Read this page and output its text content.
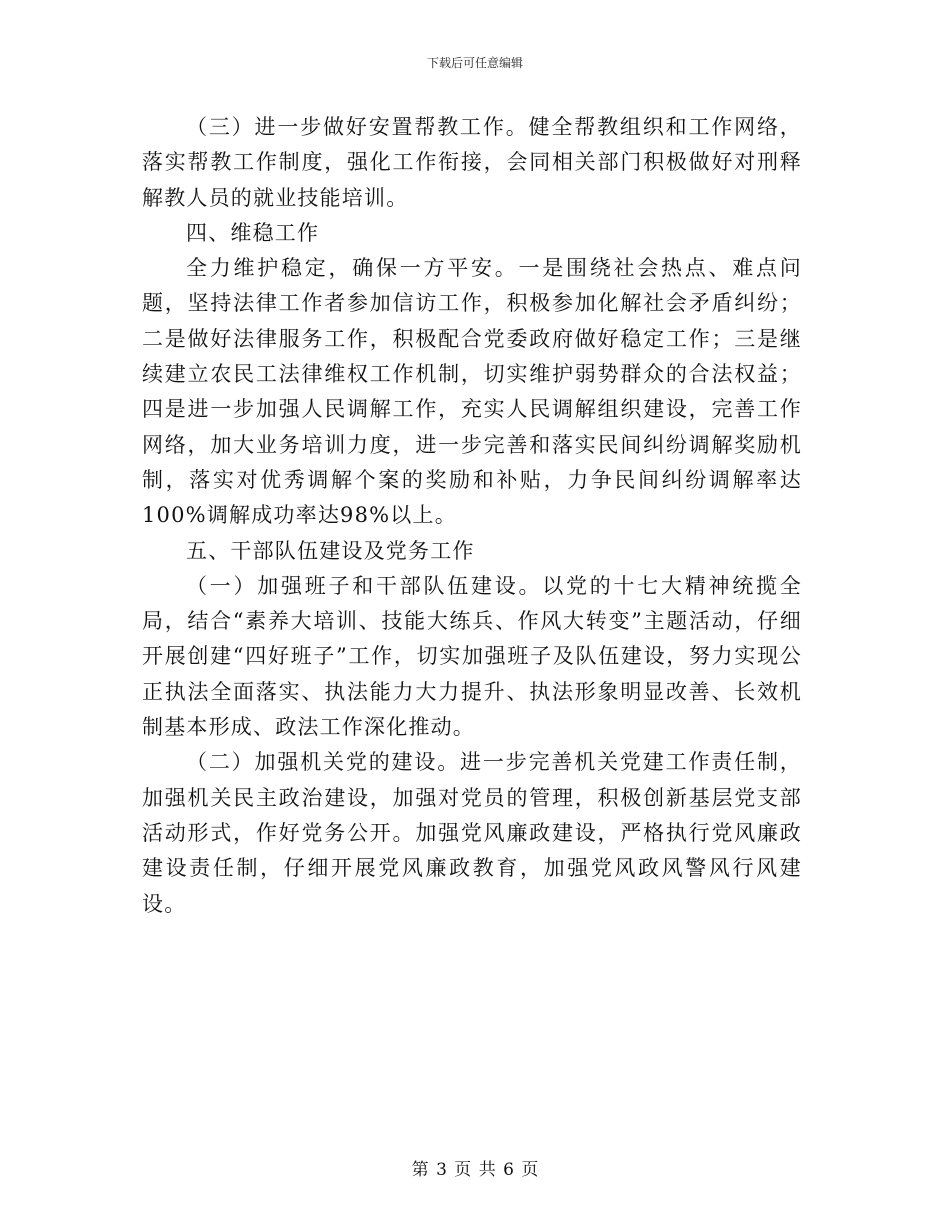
下载后可任意编辑

（三）进一步做好安置帮教工作。健全帮教组织和工作网络，落实帮教工作制度，强化工作衔接，会同相关部门积极做好对刑释解教人员的就业技能培训。

四、维稳工作

全力维护稳定，确保一方平安。一是围绕社会热点、难点问题，坚持法律工作者参加信访工作，积极参加化解社会矛盾纠纷；二是做好法律服务工作，积极配合党委政府做好稳定工作；三是继续建立农民工法律维权工作机制，切实维护弱势群众的合法权益；四是进一步加强人民调解工作，充实人民调解组织建设，完善工作网络，加大业务培训力度，进一步完善和落实民间纠纷调解奖励机制，落实对优秀调解个案的奖励和补贴，力争民间纠纷调解率达100%调解成功率达98%以上。

五、干部队伍建设及党务工作

（一）加强班子和干部队伍建设。以党的十七大精神统揽全局，结合“素养大培训、技能大练兵、作风大转变”主题活动，仔细开展创建“四好班子”工作，切实加强班子及队伍建设，努力实现公正执法全面落实、执法能力大力提升、执法形象明显改善、长效机制基本形成、政法工作深化推动。

（二）加强机关党的建设。进一步完善机关党建工作责任制，加强机关民主政治建设，加强对党员的管理，积极创新基层党支部活动形式，作好党务公开。加强党风廉政建设，严格执行党风廉政建设责任制，仔细开展党风廉政教育，加强党风政风警风行风建设。

第 3 页 共 6 页
